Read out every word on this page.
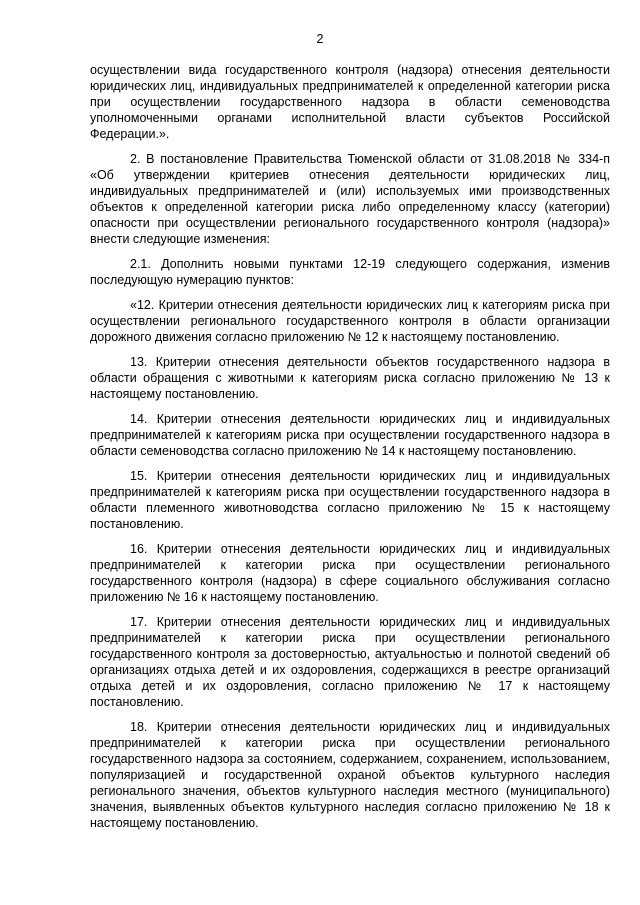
2

осуществлении вида государственного контроля (надзора) отнесения деятельности юридических лиц, индивидуальных предпринимателей к определенной категории риска при осуществлении государственного надзора в области семеноводства уполномоченными органами исполнительной власти субъектов Российской Федерации.».

2. В постановление Правительства Тюменской области от 31.08.2018 № 334-п «Об утверждении критериев отнесения деятельности юридических лиц, индивидуальных предпринимателей и (или) используемых ими производственных объектов к определенной категории риска либо определенному классу (категории) опасности при осуществлении регионального государственного контроля (надзора)» внести следующие изменения:

2.1. Дополнить новыми пунктами 12-19 следующего содержания, изменив последующую нумерацию пунктов:

«12. Критерии отнесения деятельности юридических лиц к категориям риска при осуществлении регионального государственного контроля в области организации дорожного движения согласно приложению № 12 к настоящему постановлению.

13. Критерии отнесения деятельности объектов государственного надзора в области обращения с животными к категориям риска согласно приложению № 13 к настоящему постановлению.

14. Критерии отнесения деятельности юридических лиц и индивидуальных предпринимателей к категориям риска при осуществлении государственного надзора в области семеноводства согласно приложению № 14 к настоящему постановлению.

15. Критерии отнесения деятельности юридических лиц и индивидуальных предпринимателей к категориям риска при осуществлении государственного надзора в области племенного животноводства согласно приложению № 15 к настоящему постановлению.

16. Критерии отнесения деятельности юридических лиц и индивидуальных предпринимателей к категории риска при осуществлении регионального государственного контроля (надзора) в сфере социального обслуживания согласно приложению № 16 к настоящему постановлению.

17. Критерии отнесения деятельности юридических лиц и индивидуальных предпринимателей к категории риска при осуществлении регионального государственного контроля за достоверностью, актуальностью и полнотой сведений об организациях отдыха детей и их оздоровления, содержащихся в реестре организаций отдыха детей и их оздоровления, согласно приложению № 17 к настоящему постановлению.

18. Критерии отнесения деятельности юридических лиц и индивидуальных предпринимателей к категории риска при осуществлении регионального государственного надзора за состоянием, содержанием, сохранением, использованием, популяризацией и государственной охраной объектов культурного наследия регионального значения, объектов культурного наследия местного (муниципального) значения, выявленных объектов культурного наследия согласно приложению № 18 к настоящему постановлению.
